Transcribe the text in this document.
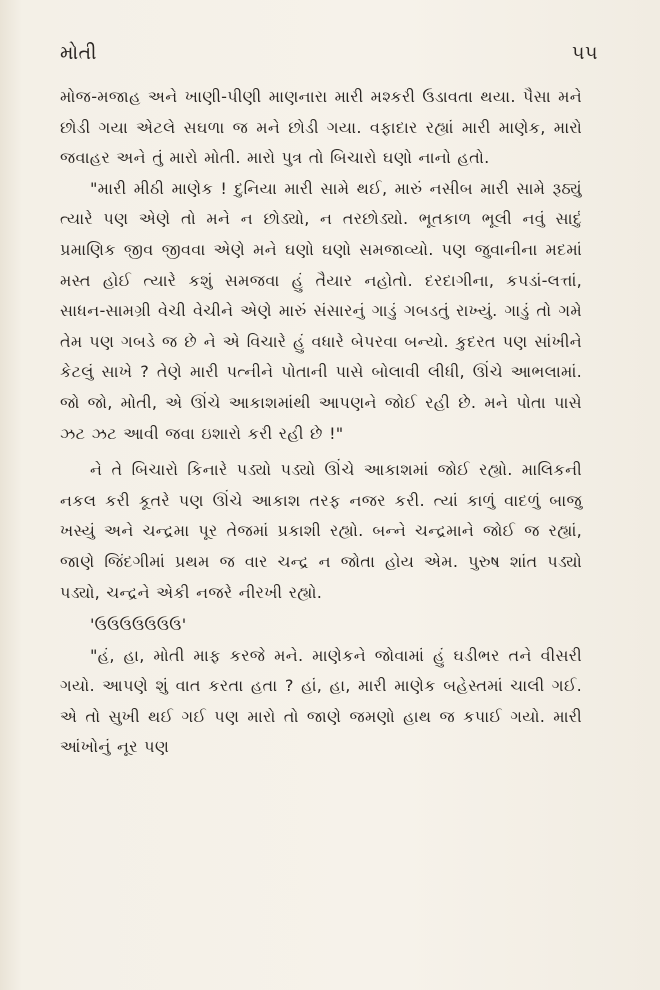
મોતી	૫૫

મોજ-મજાહ અને ખાણી-પીણી માણનારા મારી મશ્કરી ઉડાવતા થયા. પૈસા મને છોડી ગયા એટલે સઘળા જ મને છોડી ગયા. વફાદાર રહ્યાં મારી માણેક, મારો જવાહર અને તું મારો મોતી. મારો પુત્ર તો બિચારો ઘણો નાનો હતો.

"મારી મીઠી માણેક ! દુનિયા મારી સામે થઈ, મારું નસીબ મારી સામે રૂઠ્યું ત્યારે પણ એણે તો મને ન છોડ્યો, ન તરછોડ્યો. ભૂતકાળ ભૂલી નવું સાદું પ્રમાણિક જીવ જીવવા એણે મને ઘણો ઘણો સમજાવ્યો. પણ જુવાનીના મદમાં મસ્ત હોઈ ત્યારે કશું સમજવા હું તૈયાર નહોતો. દરદાગીના, કપડાં-લત્તાં, સાધન-સામગ્રી વેચી વેચીને એણે મારું સંસારનું ગાડું ગબડતું રાખ્યું. ગાડું તો ગમે તેમ પણ ગબડે જ છે ને એ વિચારે હું વધારે બેપરવા બન્યો. કુદરત પણ સાંખીને કેટલું સાખે ? તેણે મારી પત્નીને પોતાની પાસે બોલાવી લીધી, ઊંચે આભલામાં. જો જો, મોતી, એ ઊંચે આકાશમાંથી આપણને જોઈ રહી છે. મને પોતા પાસે ઝટ ઝટ આવી જવા ઇશારો કરી રહી છે !"

ને તે બિચારો કિનારે પડ્યો પડ્યો ઊંચે આકાશમાં જોઈ રહ્યો. માલિકની નકલ કરી કૂતરે પણ ઊંચે આકાશ તરફ નજર કરી. ત્યાં કાળું વાદળું બાજુ ખસ્યું અને ચન્દ્રમા પૂર તેજમાં પ્રકાશી રહ્યો. બન્ને ચન્દ્રમાને જોઈ જ રહ્યાં, જાણે જિંદગીમાં પ્રથમ જ વાર ચન્દ્ર ન જોતા હોય એમ. પુરુષ શાંત પડ્યો પડ્યો, ચન્દ્રને એકી નજરે નીરખી રહ્યો.

'ઉઉઉઉઉઉઉ'

"હં, હા, મોતી માફ કરજે મને. માણેકને જોવામાં હું ઘડીભર તને વીસરી ગયો. આપણે શું વાત કરતા હતા ? હાં, હા, મારી માણેક બહેસ્તમાં ચાલી ગઈ. એ તો સુખી થઈ ગઈ પણ મારો તો જાણે જમણો હાથ જ કપાઈ ગયો. મારી આંખોનું નૂર પણ
